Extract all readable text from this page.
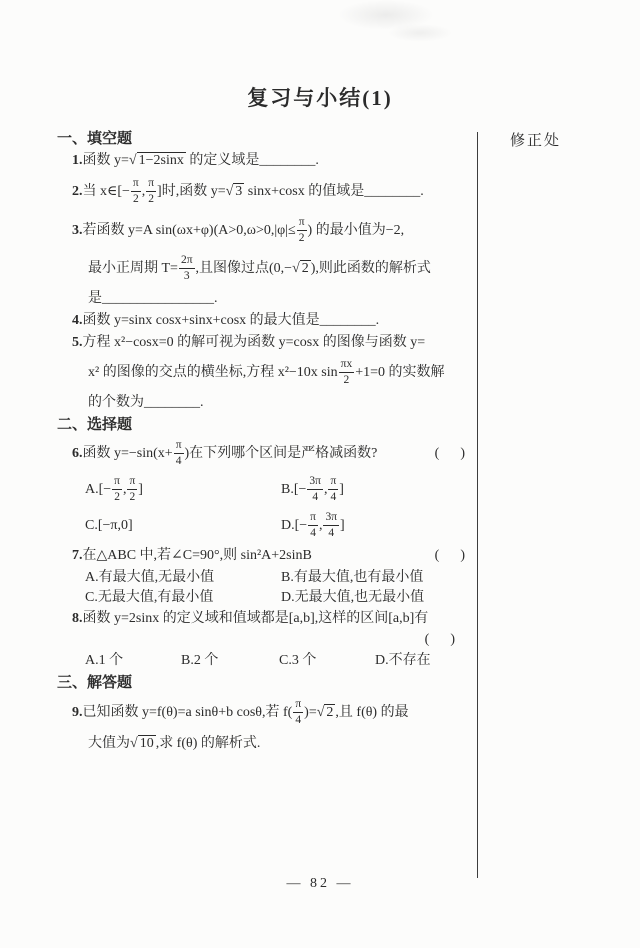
复习与小结(1)
修正处
一、填空题
1.函数 y=√ 1−2sinx 的定义域是________.
2.当 x∈[− $\frac{\pi}{2}$ , $\frac{\pi}{2}$ ]时,函数 y=√ 3 sinx+cosx 的值域是________.
3.若函数 y=A $\sin(\omega x+\varphi)(A>0,\omega>0,|\varphi|\le \frac{\pi}{2}$ ) 的最小值为−2,
最小正周期 $T= \frac{2\pi}{3}$ ,且图像过点(0,−√ 2 ),则此函数的解析式
是________________.
4.函数 y=sinx cosx+sinx+cosx 的最大值是________.
5.方程 x²−cosx=0 的解可视为函数 y=cosx 的图像与函数 y=
x² 的图像的交点的横坐标,方程 x²−10x $\sin \frac{\pi x}{2} +1=0$ 的实数解
的个数为________.
二、选择题
6.函数 $y=-\sin(x+ \frac{\pi}{4}$ )在下列哪个区间是严格减函数?	(      )
$A.[- \frac{\pi}{2}$ , $\frac{\pi}{2}$ ]	$B.[- \frac{3\pi}{4}$ , $\frac{\pi}{4}$ ]
C.[−π,0]	$D.[- \frac{\pi}{4}$ , $\frac{3\pi}{4}$ ]
7.在△ABC 中,若∠C=90°,则 sin²A+2sinB	(      )
A.有最大值,无最小值	B.有最大值,也有最小值
C.无最大值,有最小值	D.无最大值,也无最小值
8.函数 y=2sinx 的定义域和值域都是[a,b],这样的区间[a,b]有
(      )
A.1 个	B.2 个	C.3 个	D.不存在
三、解答题
9.已知函数 y=f(θ)=a sinθ+b cosθ,若 $f( \frac{\pi}{4}$ )=√ 2 ,且 f(θ) 的最
大值为√ 10 ,求 f(θ) 的解析式.
— 82 —
